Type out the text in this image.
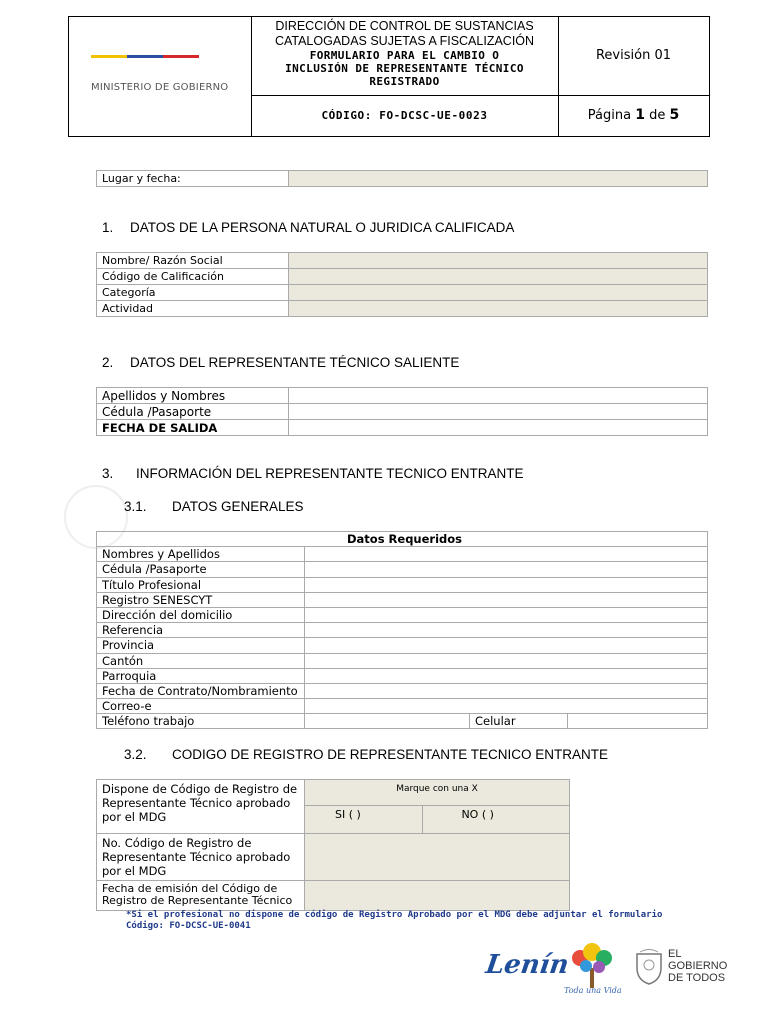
MINISTERIO DE GOBIERNO
DIRECCIÓN DE CONTROL DE SUSTANCIAS
CATALOGADAS SUJETAS A FISCALIZACIÓN
FORMULARIO PARA EL CAMBIO O
INCLUSIÓN DE REPRESENTANTE TÉCNICO
REGISTRADO
Revisión 01
CÓDIGO: FO-DCSC-UE-0023	Página 1 de 5
Lugar y fecha:	
1. DATOS DE LA PERSONA NATURAL O JURIDICA CALIFICADA
Nombre/ Razón Social	
Código de Calificación	
Categoría	
Actividad	
2. DATOS DEL REPRESENTANTE TÉCNICO SALIENTE
Apellidos y Nombres	
Cédula /Pasaporte	
FECHA DE SALIDA	
3. INFORMACIÓN DEL REPRESENTANTE TECNICO ENTRANTE
3.1. DATOS GENERALES
Datos Requeridos		
Nombres y Apellidos		
Cédula /Pasaporte		
Título Profesional		
Registro SENESCYT		
Dirección del domicilio		
Referencia		
Provincia		
Cantón		
Parroquia		
Fecha de Contrato/Nombramiento		
Correo-e		
Teléfono trabajo		Celular
3.2. CODIGO DE REGISTRO DE REPRESENTANTE TECNICO ENTRANTE
Dispone de Código de Registro de Representante Técnico aprobado por el MDG	Marque con una X	
	SI ( )	NO ( )
No. Código de Registro de Representante Técnico aprobado por el MDG		
Fecha de emisión del Código de Registro de Representante Técnico		
*Si el profesional no dispone de código de Registro Aprobado por el MDG debe adjuntar el formulario
Código: FO-DCSC-UE-0041
Lenín
Toda una Vida
EL
GOBIERNO
DE TODOS
